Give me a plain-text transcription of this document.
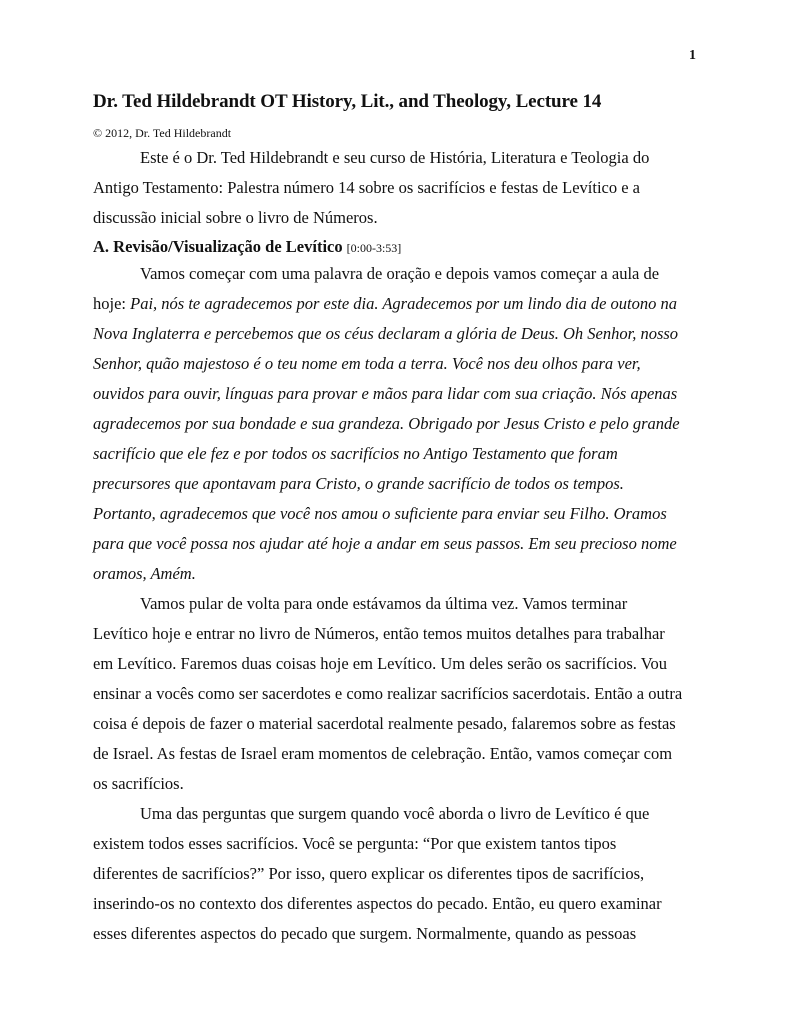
1
Dr. Ted Hildebrandt OT History, Lit., and Theology, Lecture 14
© 2012, Dr. Ted Hildebrandt
Este é o Dr. Ted Hildebrandt e seu curso de História, Literatura e Teologia do
Antigo Testamento: Palestra número 14 sobre os sacrifícios e festas de Levítico e a
discussão inicial sobre o livro de Números.
A. Revisão/Visualização de Levítico [0:00-3:53]
Vamos começar com uma palavra de oração e depois vamos começar a aula de
hoje: Pai, nós te agradecemos por este dia. Agradecemos por um lindo dia de outono na
Nova Inglaterra e percebemos que os céus declaram a glória de Deus. Oh Senhor, nosso
Senhor, quão majestoso é o teu nome em toda a terra. Você nos deu olhos para ver,
ouvidos para ouvir, línguas para provar e mãos para lidar com sua criação. Nós apenas
agradecemos por sua bondade e sua grandeza. Obrigado por Jesus Cristo e pelo grande
sacrifício que ele fez e por todos os sacrifícios no Antigo Testamento que foram
precursores que apontavam para Cristo, o grande sacrifício de todos os tempos.
Portanto, agradecemos que você nos amou o suficiente para enviar seu Filho. Oramos
para que você possa nos ajudar até hoje a andar em seus passos. Em seu precioso nome
oramos, Amém.
Vamos pular de volta para onde estávamos da última vez. Vamos terminar
Levítico hoje e entrar no livro de Números, então temos muitos detalhes para trabalhar
em Levítico. Faremos duas coisas hoje em Levítico. Um deles serão os sacrifícios. Vou
ensinar a vocês como ser sacerdotes e como realizar sacrifícios sacerdotais. Então a outra
coisa é depois de fazer o material sacerdotal realmente pesado, falaremos sobre as festas
de Israel. As festas de Israel eram momentos de celebração. Então, vamos começar com
os sacrifícios.
Uma das perguntas que surgem quando você aborda o livro de Levítico é que
existem todos esses sacrifícios. Você se pergunta: “Por que existem tantos tipos
diferentes de sacrifícios?” Por isso, quero explicar os diferentes tipos de sacrifícios,
inserindo-os no contexto dos diferentes aspectos do pecado. Então, eu quero examinar
esses diferentes aspectos do pecado que surgem. Normalmente, quando as pessoas
